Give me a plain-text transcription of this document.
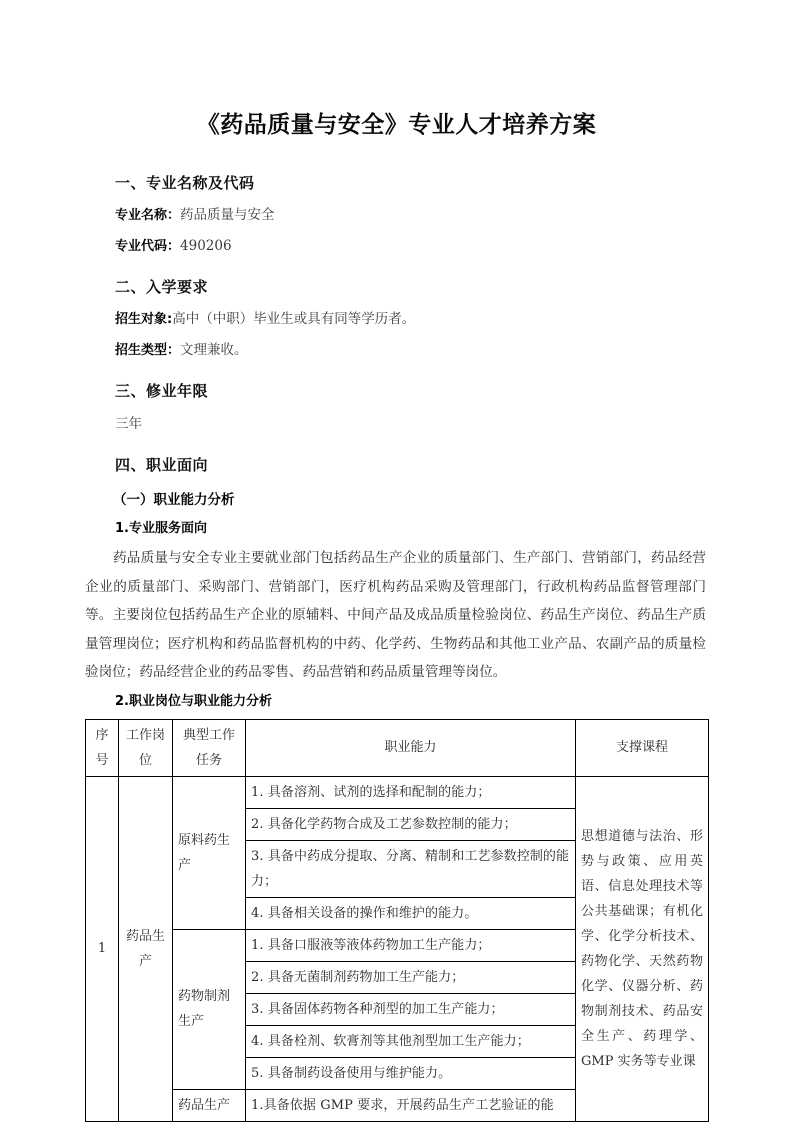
《药品质量与安全》专业人才培养方案
一、专业名称及代码

专业名称：药品质量与安全

专业代码：490206

二、入学要求

招生对象:高中（中职）毕业生或具有同等学历者。

招生类型：文理兼收。

三、修业年限

三年

四、职业面向
（一）职业能力分析
1.专业服务面向

药品质量与安全专业主要就业部门包括药品生产企业的质量部门、生产部门、营销部门，药品经营企业的质量部门、采购部门、营销部门，医疗机构药品采购及管理部门，行政机构药品监督管理部门等。主要岗位包括药品生产企业的原辅料、中间产品及成品质量检验岗位、药品生产岗位、药品生产质量管理岗位；医疗机构和药品监督机构的中药、化学药、生物药品和其他工业产品、农副产品的质量检验岗位；药品经营企业的药品零售、药品营销和药品质量管理等岗位。

2.职业岗位与职业能力分析
序号	工作岗位	典型工作任务	职业能力	支撑课程
1	药品生产	原料药生产	1. 具备溶剂、试剂的选择和配制的能力；	思想道德与法治、形势与政策、应用英语、信息处理技术等公共基础课；有机化学、化学分析技术、药物化学、天然药物化学、仪器分析、药物制剂技术、药品安全生产、药理学、GMP 实务等专业课
			2. 具备化学药物合成及工艺参数控制的能力；	
			3. 具备中药成分提取、分离、精制和工艺参数控制的能力；	
			4. 具备相关设备的操作和维护的能力。	
		药物制剂生产	1. 具备口服液等液体药物加工生产能力；	
			2. 具备无菌制剂药物加工生产能力；	
			3. 具备固体药物各种剂型的加工生产能力；	
			4. 具备栓剂、软膏剂等其他剂型加工生产能力；	
			5. 具备制药设备使用与维护能力。	
		药品生产	1.具备依据 GMP 要求，开展药品生产工艺验证的能	
